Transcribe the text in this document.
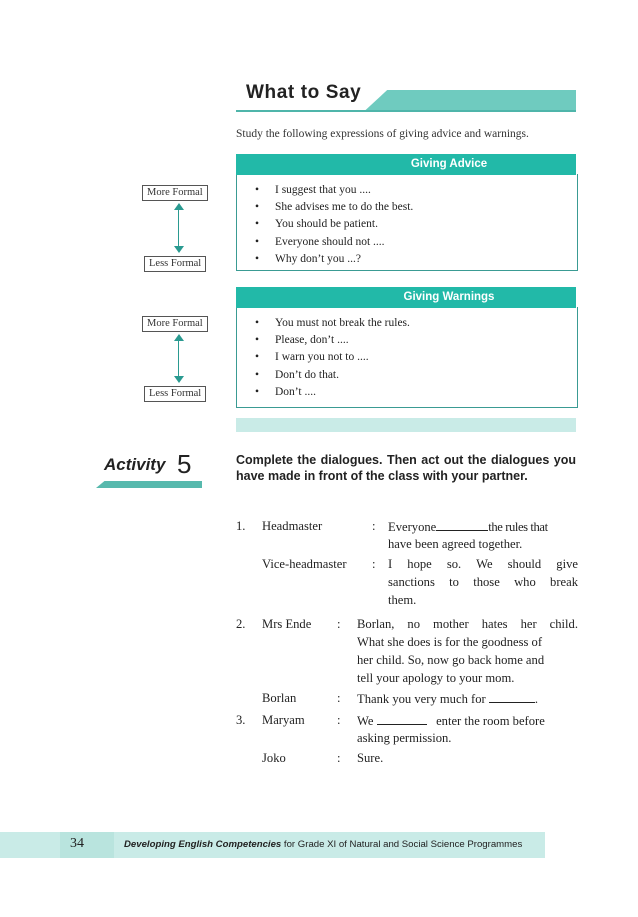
What to Say
Study the following expressions of giving advice and warnings.
Giving Advice
• I suggest that you ....
• She advises me to do the best.
• You should be patient.
• Everyone should not ....
• Why don’t you ...?
More Formal
Less Formal
Giving Warnings
• You must not break the rules.
• Please, don’t ....
• I warn you not to ....
• Don’t do that.
• Don’t ....
More Formal
Less Formal
Activity 5	Complete the dialogues. Then act out the dialogues you have made in front of the class with your partner.
1. Headmaster	: Everyone	the rules that
have been agreed together.
Vice-headmaster : I hope so. We should give
sanctions to those who break
them.
2. Mrs Ende : Borlan, no mother hates her child.
What she does is for the goodness of
her child. So, now go back home and
tell your apology to your mom.
Borlan	: Thank you very much for	.
3. Maryam	: We	enter the room before
asking permission.
Joko	: Sure.
34	Developing English Competencies for Grade XI of Natural and Social Science Programmes
